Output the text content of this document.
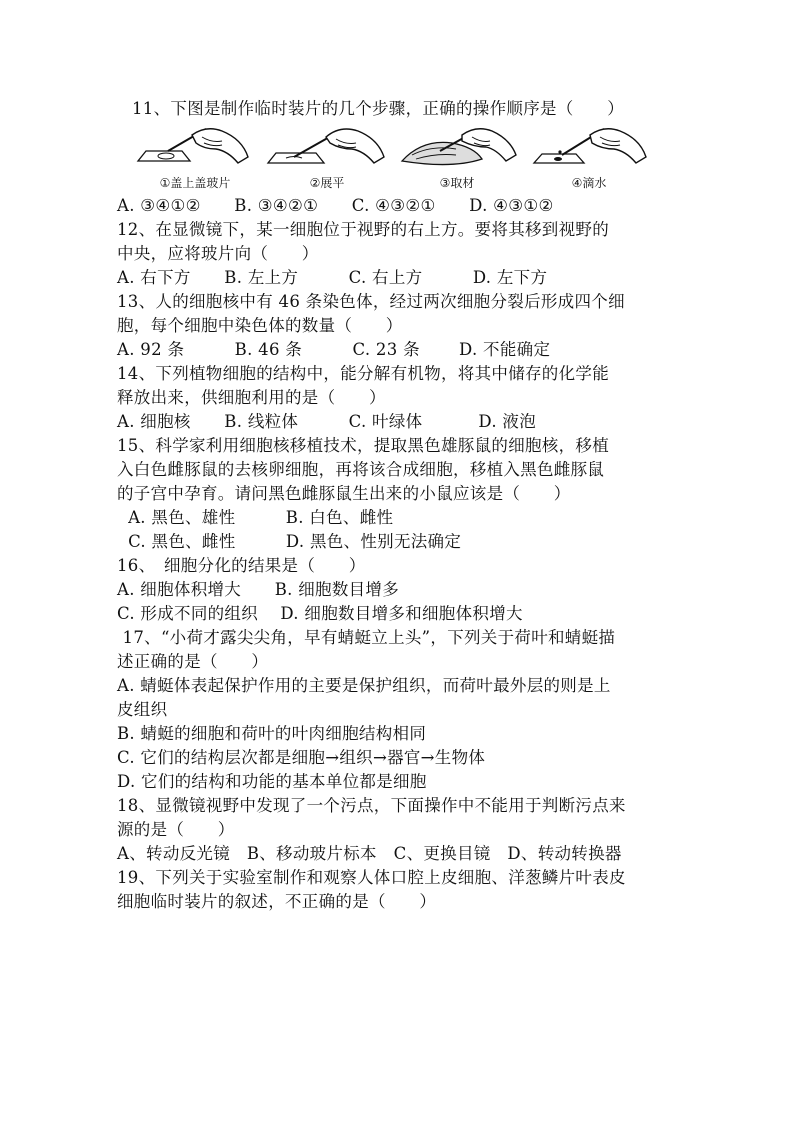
11、下图是制作临时装片的几个步骤，正确的操作顺序是（　　）
①盖上盖玻片	②展平	③取材	④滴水
A. ③④①②　　B. ③④②①　　C. ④③②①　　D. ④③①②
12、在显微镜下，某一细胞位于视野的右上方。要将其移到视野的
中央，应将玻片向（　　）
A. 右下方　　B. 左上方　　　C. 右上方　　　D. 左下方
13、人的细胞核中有 46 条染色体，经过两次细胞分裂后形成四个细
胞，每个细胞中染色体的数量（　　）
A. 92 条　　　B. 46 条　　　C. 23 条　　 D. 不能确定
14、下列植物细胞的结构中，能分解有机物，将其中储存的化学能
释放出来，供细胞利用的是（　　）
A. 细胞核　　B. 线粒体　　　C. 叶绿体　　　 D. 液泡
15、科学家利用细胞核移植技术，提取黑色雄豚鼠的细胞核，移植
入白色雌豚鼠的去核卵细胞，再将该合成细胞，移植入黑色雌豚鼠
的子宫中孕育。请问黑色雌豚鼠生出来的小鼠应该是（　　）
A. 黑色、雄性　　　B. 白色、雌性
C. 黑色、雌性　　　D. 黑色、性别无法确定
16、　细胞分化的结果是（　　）
A. 细胞体积增大　　B. 细胞数目增多
C. 形成不同的组织　 D. 细胞数目增多和细胞体积增大
17、“小荷才露尖尖角，早有蜻蜓立上头”，下列关于荷叶和蜻蜓描
述正确的是（　　）
A. 蜻蜓体表起保护作用的主要是保护组织，而荷叶最外层的则是上
皮组织
B. 蜻蜓的细胞和荷叶的叶肉细胞结构相同
C. 它们的结构层次都是细胞→组织→器官→生物体
D. 它们的结构和功能的基本单位都是细胞
18、显微镜视野中发现了一个污点，下面操作中不能用于判断污点来
源的是（　　）
A、转动反光镜　B、移动玻片标本　C、更换目镜　D、转动转换器
19、下列关于实验室制作和观察人体口腔上皮细胞、洋葱鳞片叶表皮
细胞临时装片的叙述，不正确的是（　　）
